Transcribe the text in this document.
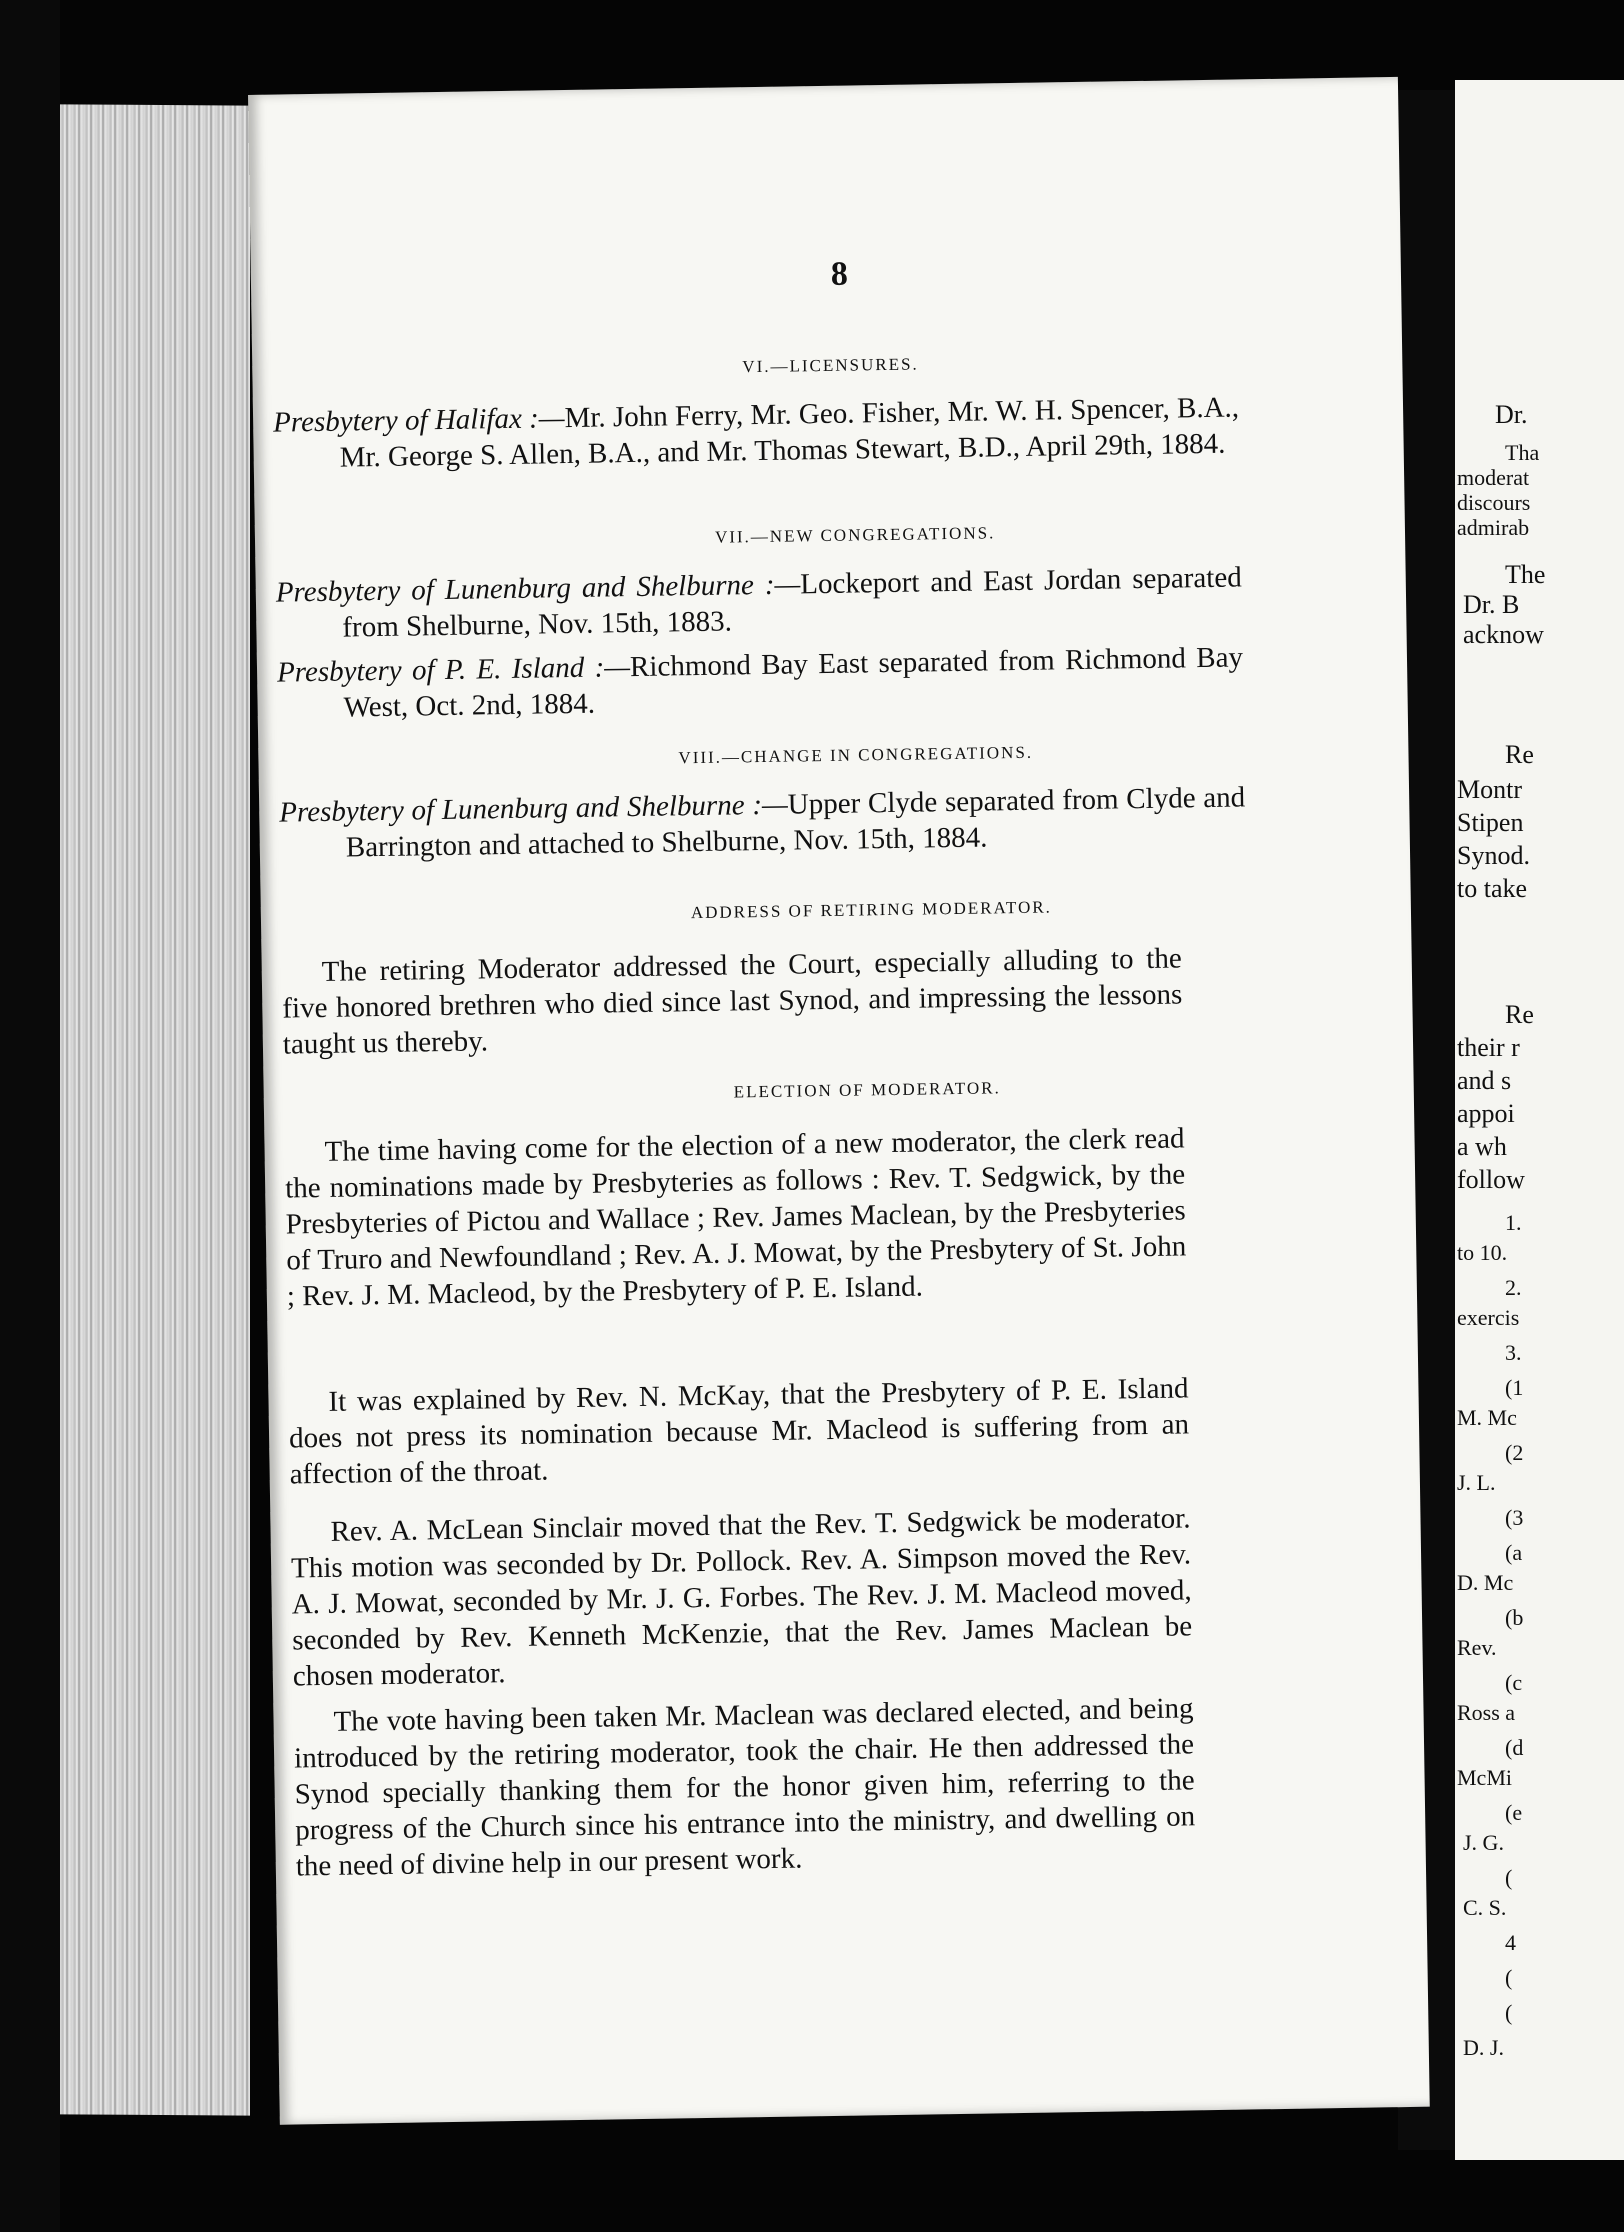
8
VI.—LICENSURES.
Presbytery of Halifax :—Mr. John Ferry, Mr. Geo. Fisher, Mr. W. H. Spencer, B.A., Mr. George S. Allen, B.A., and Mr. Thomas Stewart, B.D., April 29th, 1884.
VII.—NEW CONGREGATIONS.
Presbytery of Lunenburg and Shelburne :—Lockeport and East Jordan separated from Shelburne, Nov. 15th, 1883.
Presbytery of P. E. Island :—Richmond Bay East separated from Richmond Bay West, Oct. 2nd, 1884.
VIII.—CHANGE IN CONGREGATIONS.
Presbytery of Lunenburg and Shelburne :—Upper Clyde separated from Clyde and Barrington and attached to Shelburne, Nov. 15th, 1884.
ADDRESS OF RETIRING MODERATOR.
The retiring Moderator addressed the Court, especially alluding to the five honored brethren who died since last Synod, and impressing the lessons taught us thereby.
ELECTION OF MODERATOR.
The time having come for the election of a new moderator, the clerk read the nominations made by Presbyteries as follows : Rev. T. Sedgwick, by the Presbyteries of Pictou and Wallace ; Rev. James Maclean, by the Presbyteries of Truro and Newfoundland ; Rev. A. J. Mowat, by the Presbytery of St. John ; Rev. J. M. Macleod, by the Presbytery of P. E. Island.
It was explained by Rev. N. McKay, that the Presbytery of P. E. Island does not press its nomination because Mr. Macleod is suffering from an affection of the throat.
Rev. A. McLean Sinclair moved that the Rev. T. Sedgwick be moderator. This motion was seconded by Dr. Pollock. Rev. A. Simpson moved the Rev. A. J. Mowat, seconded by Mr. J. G. Forbes. The Rev. J. M. Macleod moved, seconded by Rev. Kenneth McKenzie, that the Rev. James Maclean be chosen moderator.
The vote having been taken Mr. Maclean was declared elected, and being introduced by the retiring moderator, took the chair. He then addressed the Synod specially thanking them for the honor given him, referring to the progress of the Church since his entrance into the ministry, and dwelling on the need of divine help in our present work.
Dr.
Tha
moderat
discours
admirab
The
Dr. B
acknow
Re
Montr
Stipen
Synod.
to take
Re
their r
and s
appoi
a wh
follow
1.
to 10.
2.
exercis
3.
(1
M. Mc
(2
J. L.
(3
(a
D. Mc
(b
Rev.
(c
Ross a
(d
McMi
(e
J. G.
(
C. S.
4
(
(
D. J.
